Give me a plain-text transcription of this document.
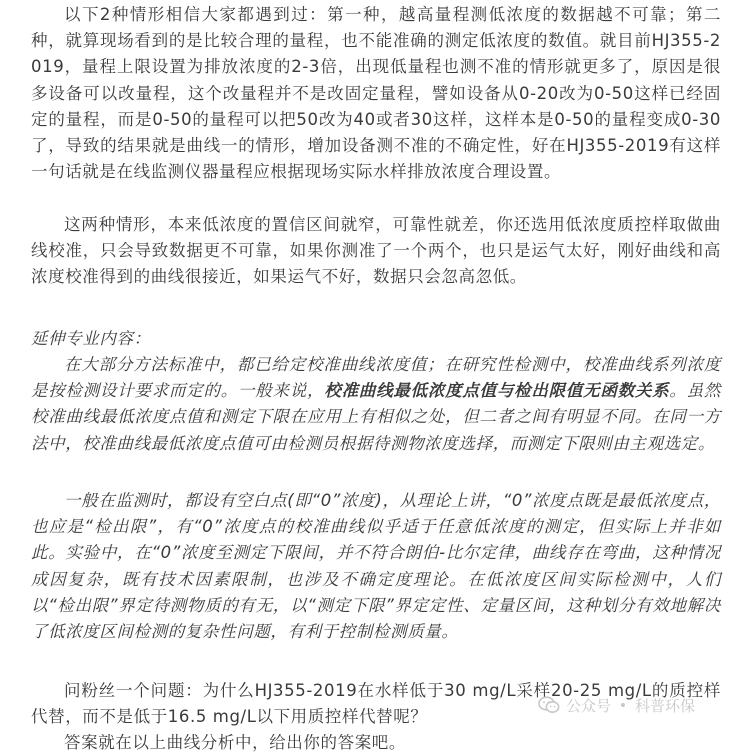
以下2种情形相信大家都遇到过：第一种，越高量程测低浓度的数据越不可靠；第二种，就算现场看到的是比较合理的量程，也不能准确的测定低浓度的数值。就目前HJ355-2019，量程上限设置为排放浓度的2-3倍，出现低量程也测不准的情形就更多了，原因是很多设备可以改量程，这个改量程并不是改固定量程，譬如设备从0-20改为0-50这样已经固定的量程，而是0-50的量程可以把50改为40或者30这样，这样本是0-50的量程变成0-30了，导致的结果就是曲线一的情形，增加设备测不准的不确定性，好在HJ355-2019有这样一句话就是在线监测仪器量程应根据现场实际水样排放浓度合理设置。

这两种情形，本来低浓度的置信区间就窄，可靠性就差，你还选用低浓度质控样取做曲线校准，只会导致数据更不可靠，如果你测准了一个两个，也只是运气太好，刚好曲线和高浓度校准得到的曲线很接近，如果运气不好，数据只会忽高忽低。

延伸专业内容：

在大部分方法标准中，都已给定校准曲线浓度值；在研究性检测中，校准曲线系列浓度是按检测设计要求而定的。一般来说，校准曲线最低浓度点值与检出限值无函数关系。虽然校准曲线最低浓度点值和测定下限在应用上有相似之处，但二者之间有明显不同。在同一方法中，校准曲线最低浓度点值可由检测员根据待测物浓度选择，而测定下限则由主观选定。

一般在监测时，都设有空白点(即“0”浓度)，从理论上讲，“0”浓度点既是最低浓度点，也应是“检出限”，有“0”浓度点的校准曲线似乎适于任意低浓度的测定，但实际上并非如此。实验中，在“0”浓度至测定下限间，并不符合朗伯-比尔定律，曲线存在弯曲，这种情况成因复杂，既有技术因素限制，也涉及不确定度理论。在低浓度区间实际检测中，人们以“检出限”界定待测物质的有无，以“测定下限”界定定性、定量区间，这种划分有效地解决了低浓度区间检测的复杂性问题，有利于控制检测质量。

问粉丝一个问题：为什么HJ355-2019在水样低于30 mg/L采样20-25 mg/L的质控样代替，而不是低于16.5 mg/L以下用质控样代替呢？

答案就在以上曲线分析中，给出你的答案吧。

公众号 科普环保
